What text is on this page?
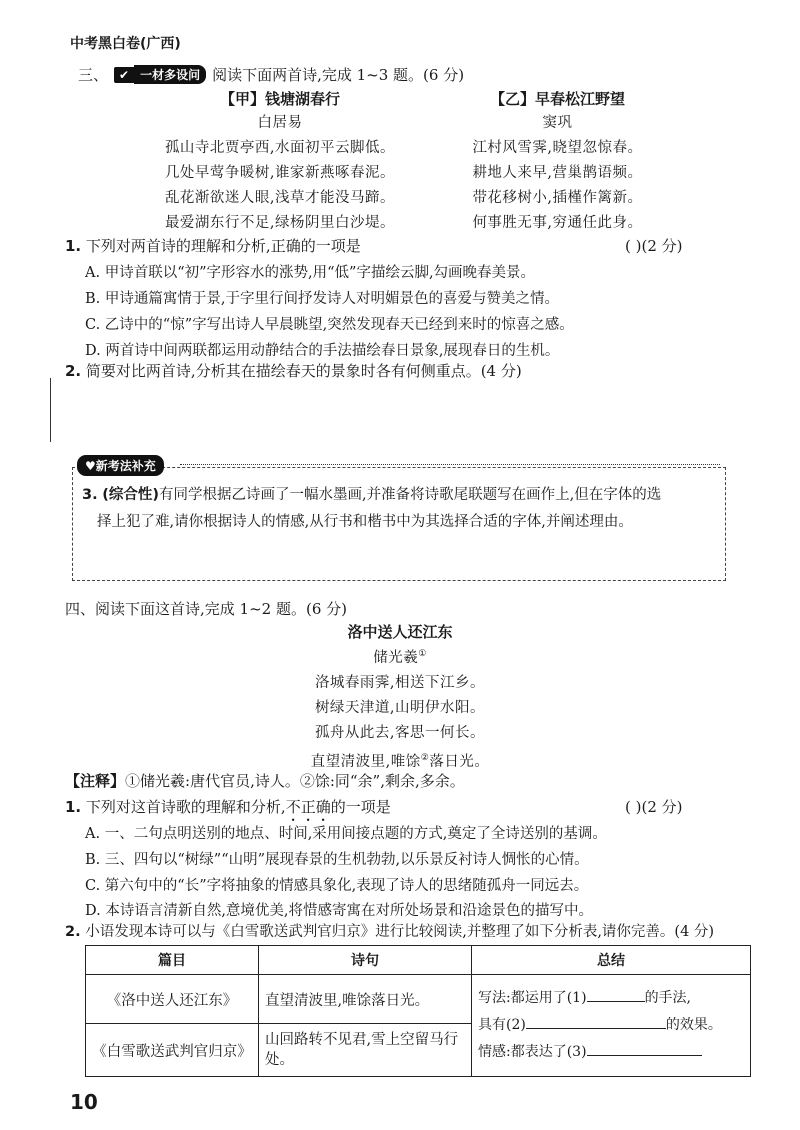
中考黑白卷(广西)
三、 ✔ 一材多设问 阅读下面两首诗,完成 1~3 题。(6 分)
【甲】钱塘湖春行
白居易
孤山寺北贾亭西,水面初平云脚低。
几处早莺争暖树,谁家新燕啄春泥。
乱花渐欲迷人眼,浅草才能没马蹄。
最爱湖东行不足,绿杨阴里白沙堤。
【乙】早春松江野望
窦巩
江村风雪霁,晓望忽惊春。
耕地人来早,营巢鹊语频。
带花移树小,插槿作篱新。
何事胜无事,穷通任此身。
1. 下列对两首诗的理解和分析,正确的一项是	( )(2 分)
A. 甲诗首联以“初”字形容水的涨势,用“低”字描绘云脚,勾画晚春美景。
B. 甲诗通篇寓情于景,于字里行间抒发诗人对明媚景色的喜爱与赞美之情。
C. 乙诗中的“惊”字写出诗人早晨眺望,突然发现春天已经到来时的惊喜之感。
D. 两首诗中间两联都运用动静结合的手法描绘春日景象,展现春日的生机。
2. 简要对比两首诗,分析其在描绘春天的景象时各有何侧重点。(4 分)
♥新考法补充
3. (综合性)有同学根据乙诗画了一幅水墨画,并准备将诗歌尾联题写在画作上,但在字体的选
择上犯了难,请你根据诗人的情感,从行书和楷书中为其选择合适的字体,并阐述理由。
四、阅读下面这首诗,完成 1~2 题。(6 分)
洛中送人还江东
储光羲①
洛城春雨霁,相送下江乡。
树绿天津道,山明伊水阳。
孤舟从此去,客思一何长。
直望清波里,唯馀②落日光。
【注释】①储光羲:唐代官员,诗人。②馀:同“余”,剩余,多余。
1. 下列对这首诗歌的理解和分析,不正确的一项是	( )(2 分)
A. 一、二句点明送别的地点、时间,采用间接点题的方式,奠定了全诗送别的基调。
B. 三、四句以“树绿”“山明”展现春景的生机勃勃,以乐景反衬诗人惆怅的心情。
C. 第六句中的“长”字将抽象的情感具象化,表现了诗人的思绪随孤舟一同远去。
D. 本诗语言清新自然,意境优美,将惜感寄寓在对所处场景和沿途景色的描写中。
2. 小语发现本诗可以与《白雪歌送武判官归京》进行比较阅读,并整理了如下分析表,请你完善。(4 分)
篇目	诗句	总结
《洛中送人还江东》	直望清波里,唯馀落日光。	写法:都运用了(1) 的手法,
具有(2) 的效果。
情感:都表达了(3)

《白雪歌送武判官归京》	山回路转不见君,雪上空留马行处。	
10
